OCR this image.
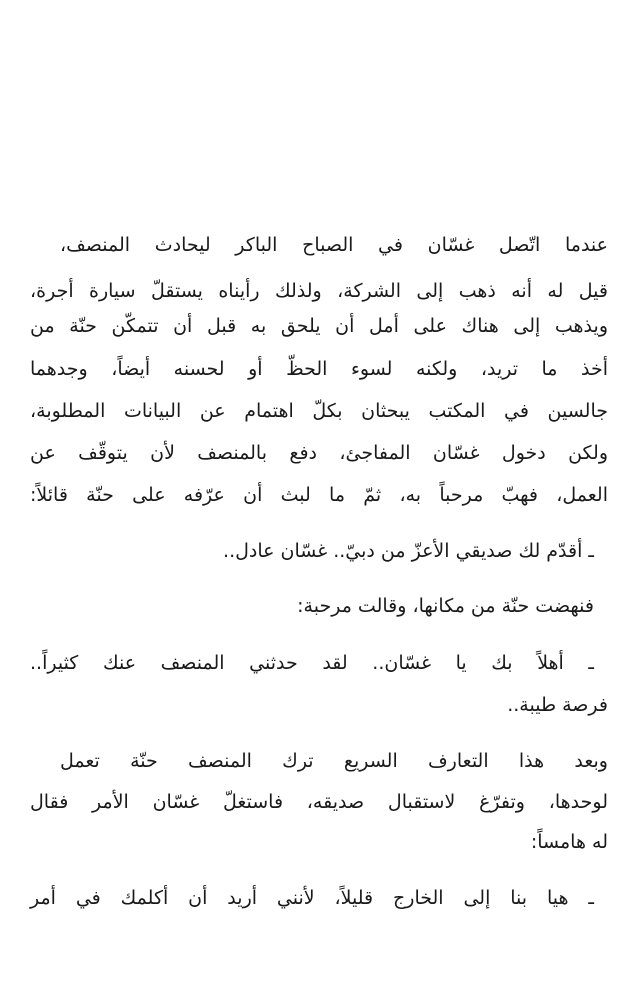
عندما اتّصل غسّان في الصباح الباكر ليحادث المنصف،
قيل له أنه ذهب إلى الشركة، ولذلك رأيناه يستقلّ سيارة أجرة،
ويذهب إلى هناك على أمل أن يلحق به قبل أن تتمكّن حنّة من
أخذ ما تريد، ولكنه لسوء الحظّ أو لحسنه أيضاً، وجدهما
جالسين في المكتب يبحثان بكلّ اهتمام عن البيانات المطلوبة،
ولكن دخول غسّان المفاجئ، دفع بالمنصف لأن يتوقّف عن
العمل، فهبّ مرحباً به، ثمّ ما لبث أن عرّفه على حنّة قائلاً:
ـ أقدّم لك صديقي الأعزّ من دبيّ.. غسّان عادل..
فنهضت حنّة من مكانها، وقالت مرحبة:
ـ أهلاً بك يا غسّان.. لقد حدثني المنصف عنك كثيراً..
فرصة طيبة..
وبعد هذا التعارف السريع ترك المنصف حنّة تعمل
لوحدها، وتفرّغ لاستقبال صديقه، فاستغلّ غسّان الأمر فقال
له هامساً:
ـ هيا بنا إلى الخارج قليلاً، لأنني أريد أن أكلمك في أمر
